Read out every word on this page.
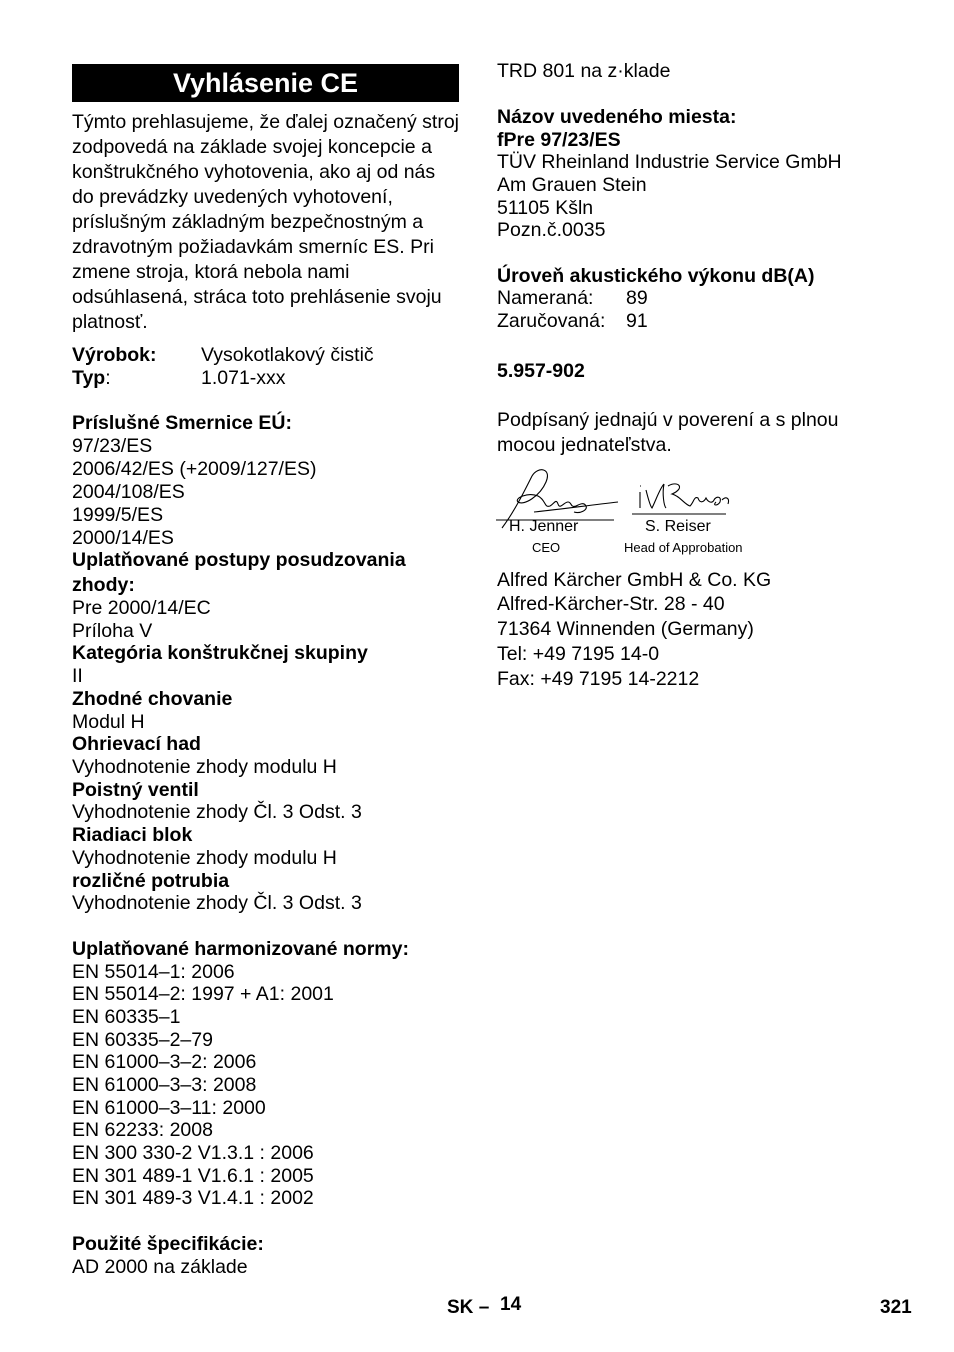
Vyhlásenie CE
Týmto prehlasujeme, že ďalej označený stroj zodpovedá na základe svojej koncepcie a konštrukčného vyhotovenia, ako aj od nás do prevádzky uvedených vyhotovení, príslušným základným bezpečnostným a zdravotným požiadavkám smerníc ES. Pri zmene stroja, ktorá nebola nami odsúhlasená, stráca toto prehlásenie svoju platnosť.
Výrobok: Vysokotlakový čistič
Typ:	1.071-xxx
Príslušné Smernice EÚ:
97/23/ES
2006/42/ES (+2009/127/ES)
2004/108/ES
1999/5/ES
2000/14/ES
Uplatňované postupy posudzovania
zhody:
Pre 2000/14/EC
Príloha V
Kategória konštrukčnej skupiny
II
Zhodné chovanie
Modul H
Ohrievací had
Vyhodnotenie zhody modulu H
Poistný ventil
Vyhodnotenie zhody Čl. 3 Odst. 3
Riadiaci blok
Vyhodnotenie zhody modulu H
rozličné potrubia
Vyhodnotenie zhody Čl. 3 Odst. 3
Uplatňované harmonizované normy:
EN 55014–1: 2006
EN 55014–2: 1997 + A1: 2001
EN 60335–1
EN 60335–2–79
EN 61000–3–2: 2006
EN 61000–3–3: 2008
EN 61000–3–11: 2000
EN 62233: 2008
EN 300 330-2 V1.3.1 : 2006
EN 301 489-1 V1.6.1 : 2005
EN 301 489-3 V1.4.1 : 2002
Použité špecifikácie:
AD 2000 na základe
TRD 801 na z·klade
Názov uvedeného miesta:
fPre 97/23/ES
TÜV Rheinland Industrie Service GmbH
Am Grauen Stein
51105 Kšln
Pozn.č.0035
Úroveň akustického výkonu dB(A)
Nameraná: 89
Zaručovaná: 91
5.957-902
Podpísaný jednajú v poverení a s plnou mocou jednateľstva.
H. Jenner
CEO
S. Reiser
Head of Approbation
Alfred Kärcher GmbH & Co. KG
Alfred-Kärcher-Str. 28 - 40
71364 Winnenden (Germany)
Tel: +49 7195 14-0
Fax: +49 7195 14-2212
SK – 14	321
